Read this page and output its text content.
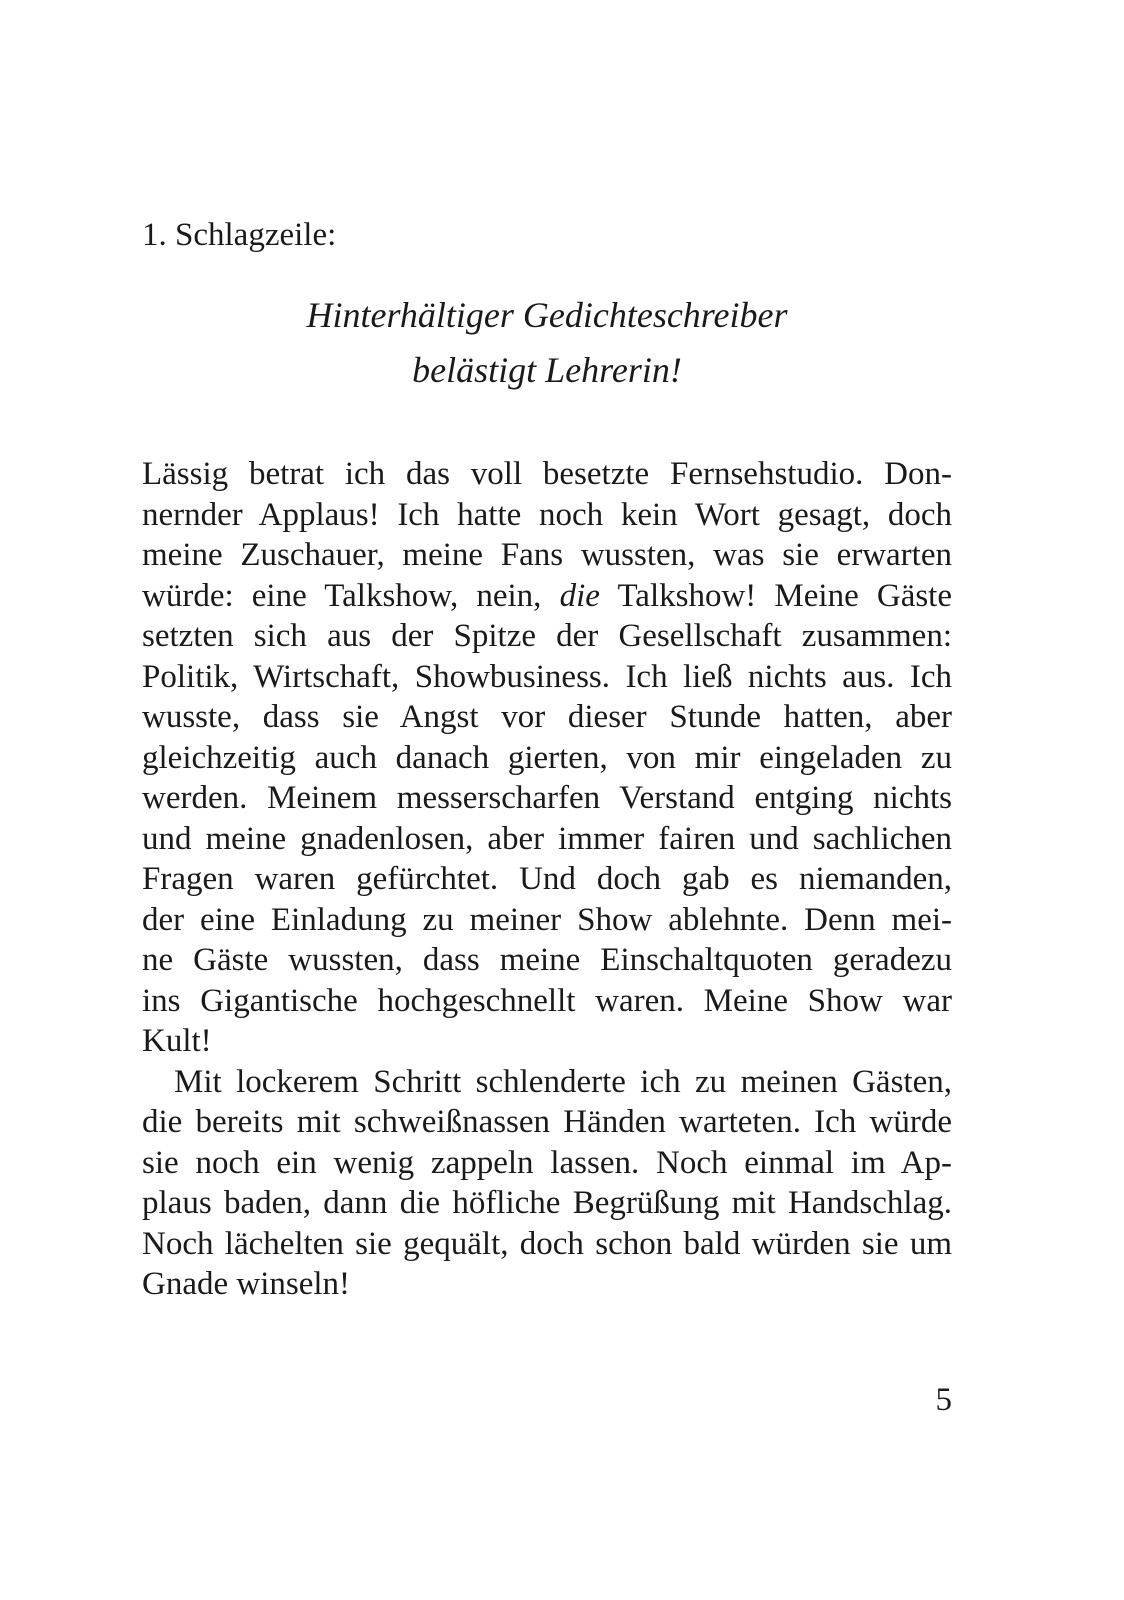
1. Schlagzeile:

Hinterhältiger Gedichteschreiber

belästigt Lehrerin!

Lässig betrat ich das voll besetzte Fernsehstudio. Don-
nernder Applaus! Ich hatte noch kein Wort gesagt, doch
meine Zuschauer, meine Fans wussten, was sie erwarten
würde: eine Talkshow, nein, die Talkshow! Meine Gäste
setzten sich aus der Spitze der Gesellschaft zusammen:
Politik, Wirtschaft, Showbusiness. Ich ließ nichts aus. Ich
wusste, dass sie Angst vor dieser Stunde hatten, aber
gleichzeitig auch danach gierten, von mir eingeladen zu
werden. Meinem messerscharfen Verstand entging nichts
und meine gnadenlosen, aber immer fairen und sachlichen
Fragen waren gefürchtet. Und doch gab es niemanden,
der eine Einladung zu meiner Show ablehnte. Denn mei-
ne Gäste wussten, dass meine Einschaltquoten geradezu
ins Gigantische hochgeschnellt waren. Meine Show war
Kult!
Mit lockerem Schritt schlenderte ich zu meinen Gästen,
die bereits mit schweißnassen Händen warteten. Ich würde
sie noch ein wenig zappeln lassen. Noch einmal im Ap-
plaus baden, dann die höfliche Begrüßung mit Handschlag.
Noch lächelten sie gequält, doch schon bald würden sie um
Gnade winseln!
5
